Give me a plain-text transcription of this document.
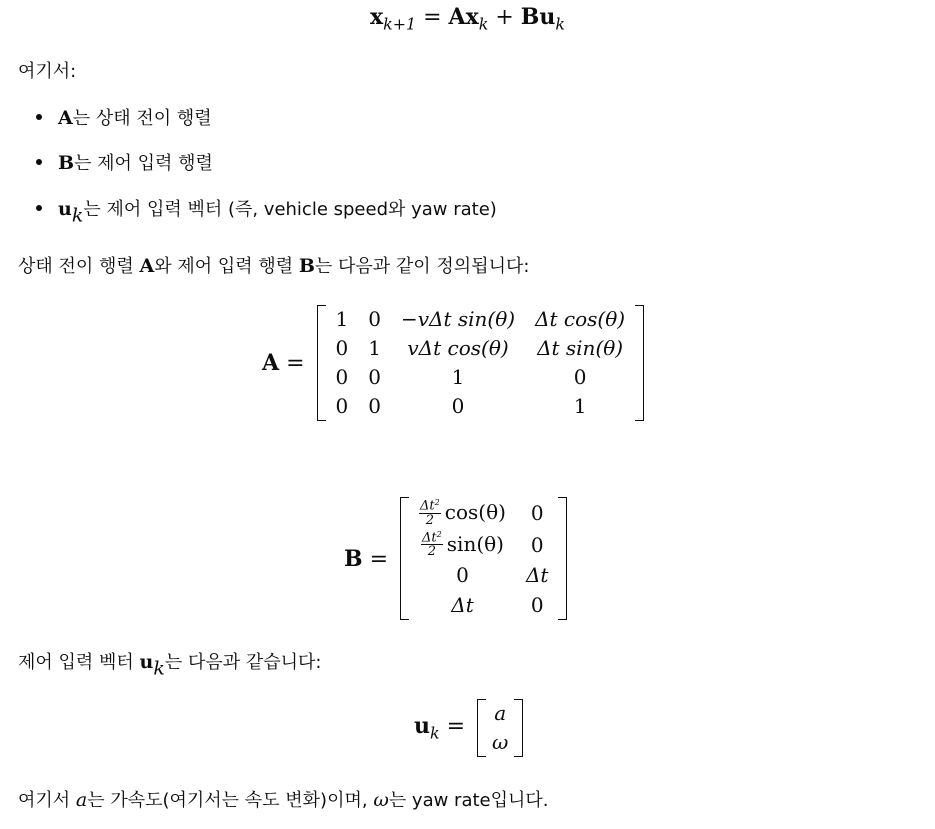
$x_{k+1} = Ax_k + Bu_k$
여기서:
A는 상태 전이 행렬
B는 제어 입력 행렬
uk는 제어 입력 벡터 (즉, vehicle speed와 yaw rate)
상태 전이 행렬 A와 제어 입력 행렬 B는 다음과 같이 정의됩니다:
A =
1	0	−vΔt sin(θ)	Δt cos(θ)
0	1	vΔt cos(θ)	Δt sin(θ)
0	0	1	0
0	0	0	1
B =
$\frac{\Delta t^2}{2} \cos(\theta)$	0

$\frac{\Delta t^2}{2} \sin(\theta)$	0
0	Δt
Δt	0
제어 입력 벡터 uk는 다음과 같습니다:
$u_k$ =
a
ω
여기서 a는 가속도(여기서는 속도 변화)이며, ω는 yaw rate입니다.
